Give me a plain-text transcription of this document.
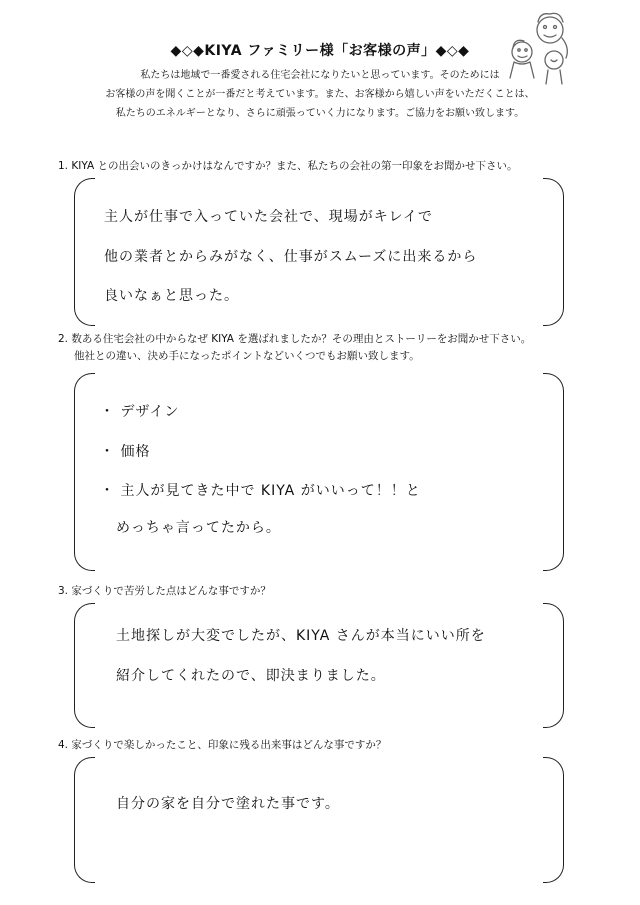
◆◇◆KIYA ファミリー様「お客様の声」◆◇◆
私たちは地域で一番愛される住宅会社になりたいと思っています。そのためには
お客様の声を聞くことが一番だと考えています。また、お客様から嬉しい声をいただくことは、
私たちのエネルギーとなり、さらに頑張っていく力になります。ご協力をお願い致します。
1. KIYA との出会いのきっかけはなんですか？また、私たちの会社の第一印象をお聞かせ下さい。
主人が仕事で入っていた会社で、現場がキレイで
他の業者とからみがなく、仕事がスムーズに出来るから
良いなぁと思った。
2. 数ある住宅会社の中からなぜ KIYA を選ばれましたか？その理由とストーリーをお聞かせ下さい。
他社との違い、決め手になったポイントなどいくつでもお願い致します。
・ デザイン
・ 価格
・ 主人が見てきた中で KIYA がいいって！！と
めっちゃ言ってたから。
3. 家づくりで苦労した点はどんな事ですか？
土地探しが大変でしたが、KIYA さんが本当にいい所を
紹介してくれたので、即決まりました。
4. 家づくりで楽しかったこと、印象に残る出来事はどんな事ですか？
自分の家を自分で塗れた事です。
